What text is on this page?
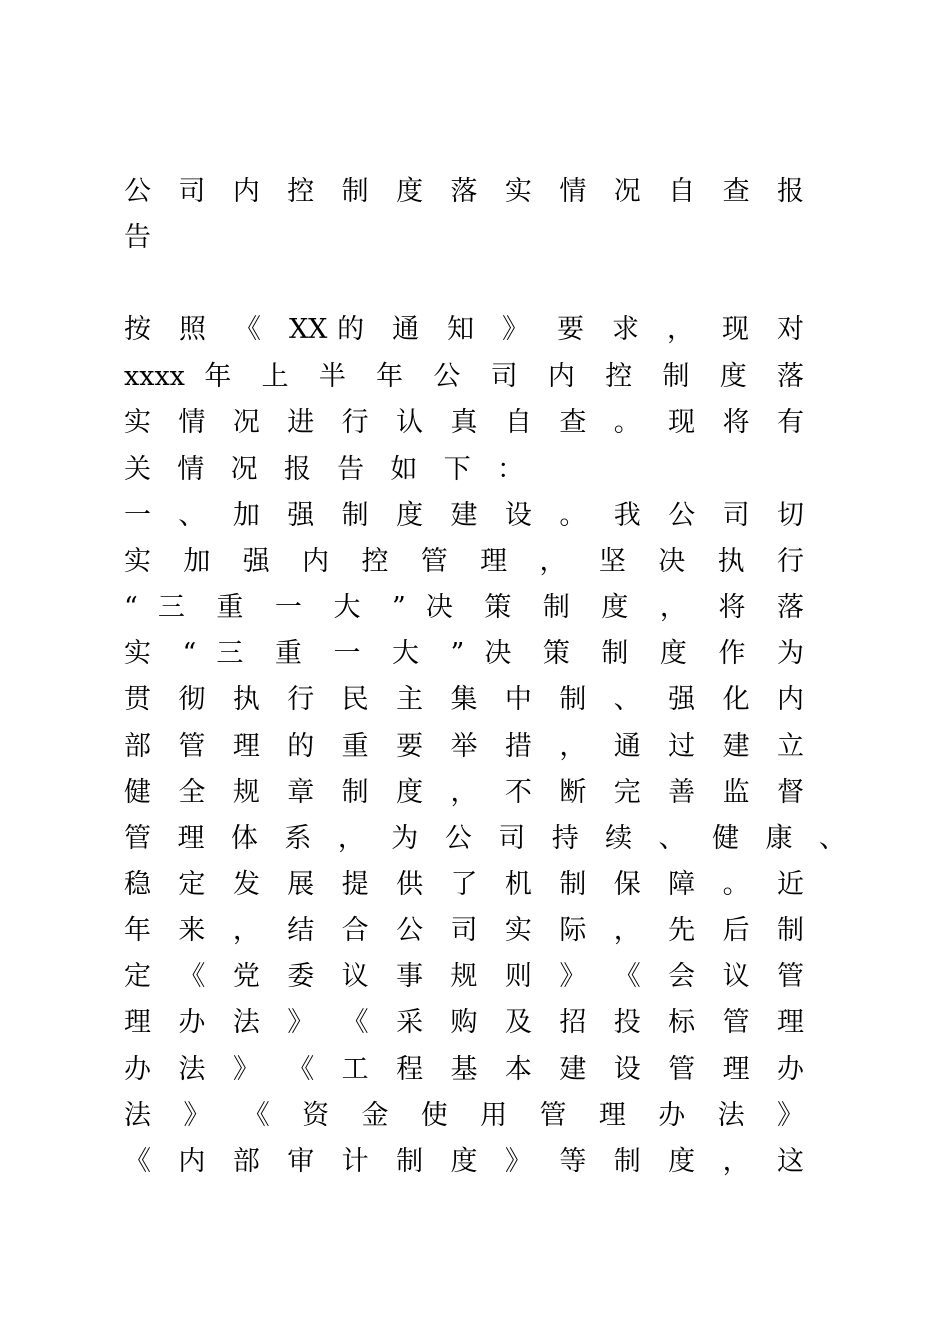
公 司 内 控 制 度 落 实 情 况 自 查 报
告
按 照 《 XX的 通 知 》 要 求 ， 现 对
xxxx 年 上 半 年 公 司 内 控 制 度 落
实 情 况 进 行 认 真 自 查 。 现 将 有
关 情 况 报 告 如 下 ：
一 、 加 强 制 度 建 设 。 我 公 司 切
实 加 强 内 控 管 理 ， 坚 决 执 行
“ 三 重 一 大 ” 决 策 制 度 ， 将 落
实 “ 三 重 一 大 ” 决 策 制 度 作 为
贯 彻 执 行 民 主 集 中 制 、 强 化 内
部 管 理 的 重 要 举 措 ， 通 过 建 立
健 全 规 章 制 度 ， 不 断 完 善 监 督
管 理 体 系 ， 为 公 司 持 续 、 健 康 、
稳 定 发 展 提 供 了 机 制 保 障 。 近
年 来 ， 结 合 公 司 实 际 ， 先 后 制
定 《 党 委 议 事 规 则 》 《 会 议 管
理 办 法 》 《 采 购 及 招 投 标 管 理
办 法 》 《 工 程 基 本 建 设 管 理 办
法 》 《 资 金 使 用 管 理 办 法 》
《 内 部 审 计 制 度 》 等 制 度 ， 这
